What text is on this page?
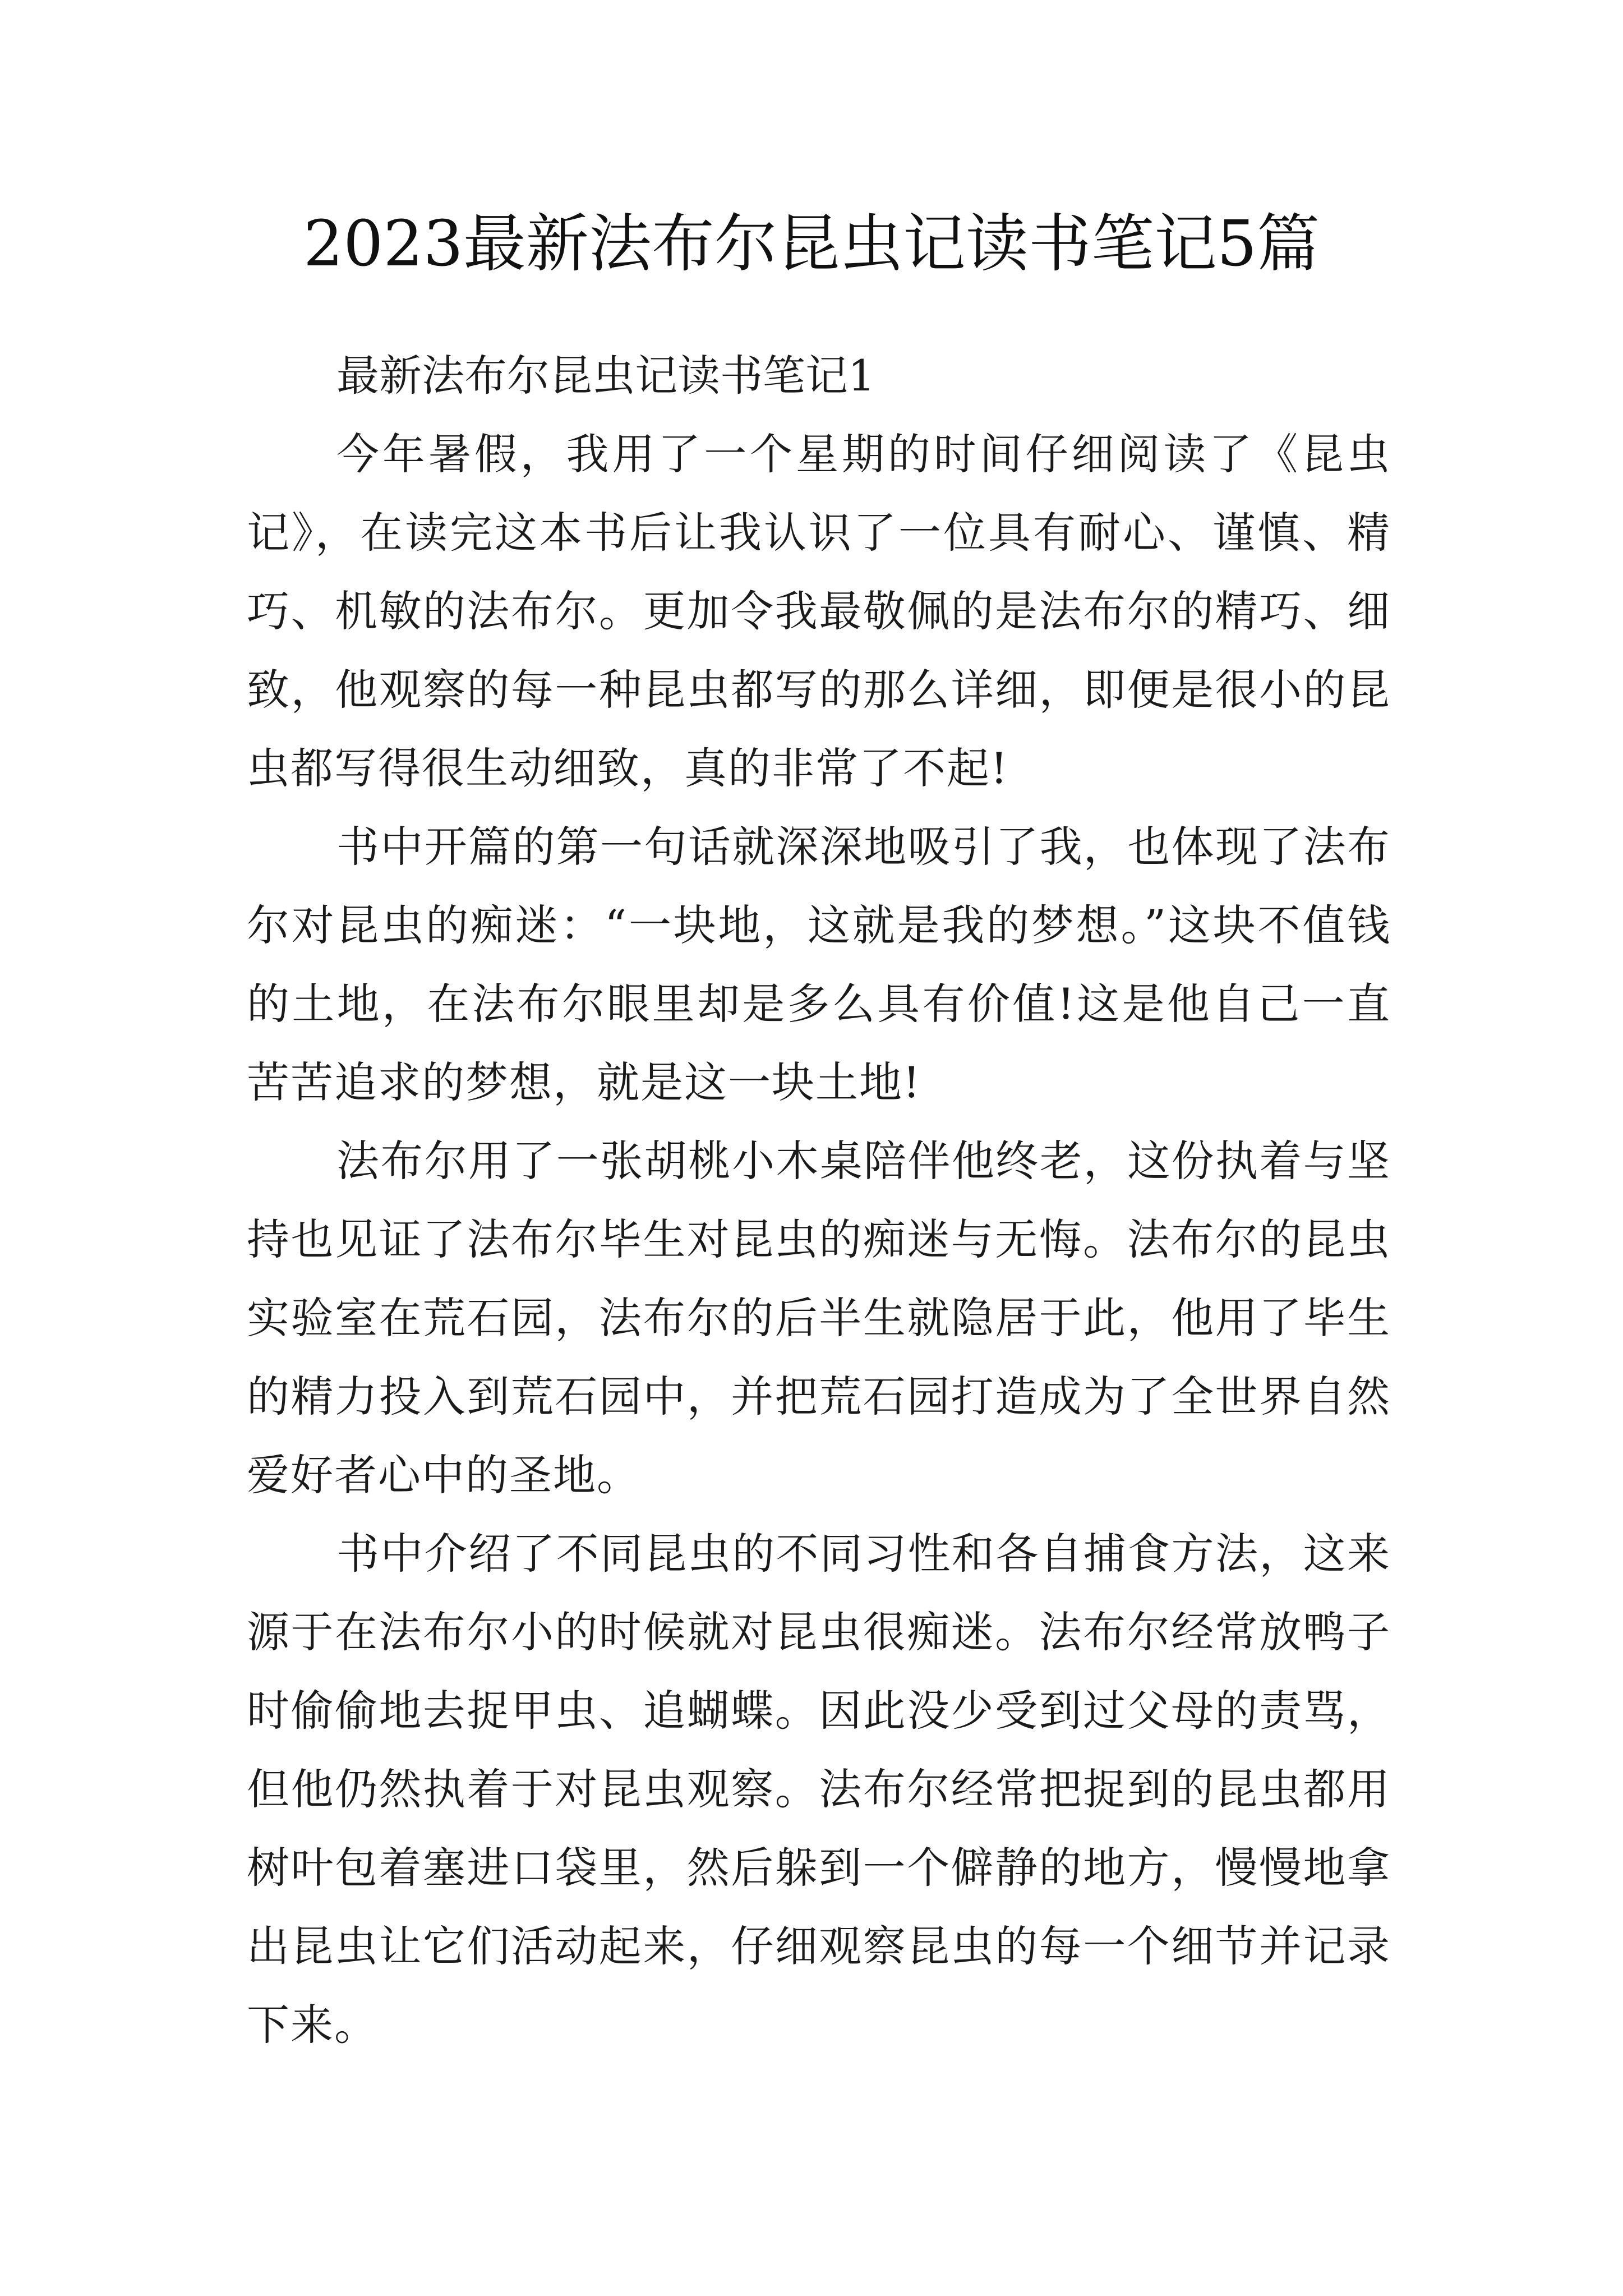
2023最新法布尔昆虫记读书笔记5篇
最新法布尔昆虫记读书笔记1

今年暑假，我用了一个星期的时间仔细阅读了《昆虫记》，在读完这本书后让我认识了一位具有耐心、谨慎、精巧、机敏的法布尔。更加令我最敬佩的是法布尔的精巧、细致，他观察的每一种昆虫都写的那么详细，即便是很小的昆虫都写得很生动细致，真的非常了不起!

书中开篇的第一句话就深深地吸引了我，也体现了法布尔对昆虫的痴迷：“一块地，这就是我的梦想。”这块不值钱的土地，在法布尔眼里却是多么具有价值!这是他自己一直苦苦追求的梦想，就是这一块土地!

法布尔用了一张胡桃小木桌陪伴他终老，这份执着与坚持也见证了法布尔毕生对昆虫的痴迷与无悔。法布尔的昆虫实验室在荒石园，法布尔的后半生就隐居于此，他用了毕生的精力投入到荒石园中，并把荒石园打造成为了全世界自然爱好者心中的圣地。

书中介绍了不同昆虫的不同习性和各自捕食方法，这来源于在法布尔小的时候就对昆虫很痴迷。法布尔经常放鸭子时偷偷地去捉甲虫、追蝴蝶。因此没少受到过父母的责骂，但他仍然执着于对昆虫观察。法布尔经常把捉到的昆虫都用树叶包着塞进口袋里，然后躲到一个僻静的地方，慢慢地拿出昆虫让它们活动起来，仔细观察昆虫的每一个细节并记录下来。
